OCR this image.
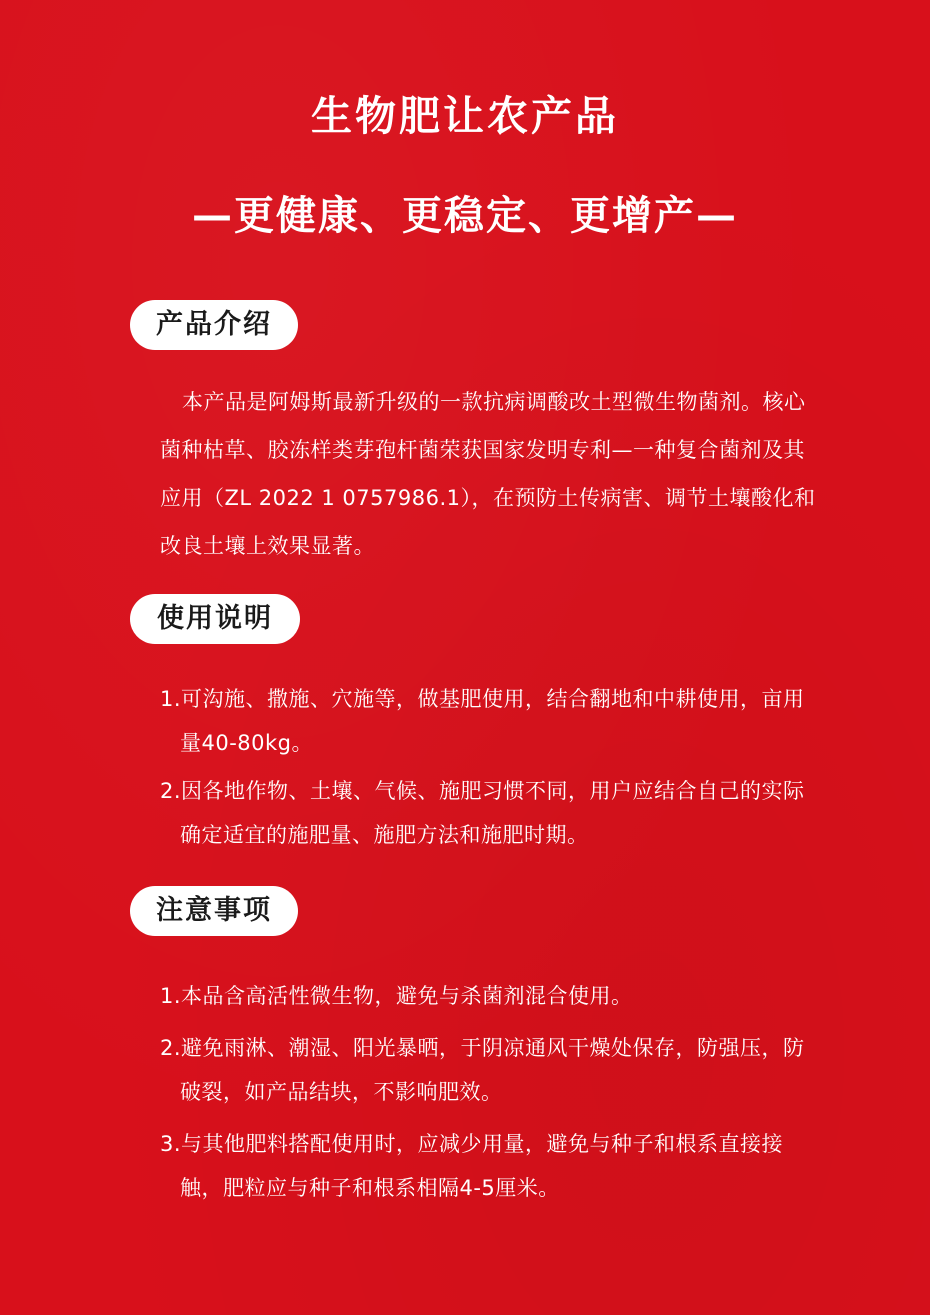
生物肥让农产品
—更健康、更稳定、更增产—
产品介绍
本产品是阿姆斯最新升级的一款抗病调酸改土型微生物菌剂。核心菌种枯草、胶冻样类芽孢杆菌荣获国家发明专利—一种复合菌剂及其应用（ZL 2022 1 0757986.1），在预防土传病害、调节土壤酸化和改良土壤上效果显著。
使用说明
1.可沟施、撒施、穴施等，做基肥使用，结合翻地和中耕使用，亩用量40-80kg。
2.因各地作物、土壤、气候、施肥习惯不同，用户应结合自己的实际确定适宜的施肥量、施肥方法和施肥时期。
注意事项
1.本品含高活性微生物，避免与杀菌剂混合使用。
2.避免雨淋、潮湿、阳光暴晒，于阴凉通风干燥处保存，防强压，防破裂，如产品结块，不影响肥效。
3.与其他肥料搭配使用时，应减少用量，避免与种子和根系直接接触，肥粒应与种子和根系相隔4-5厘米。
